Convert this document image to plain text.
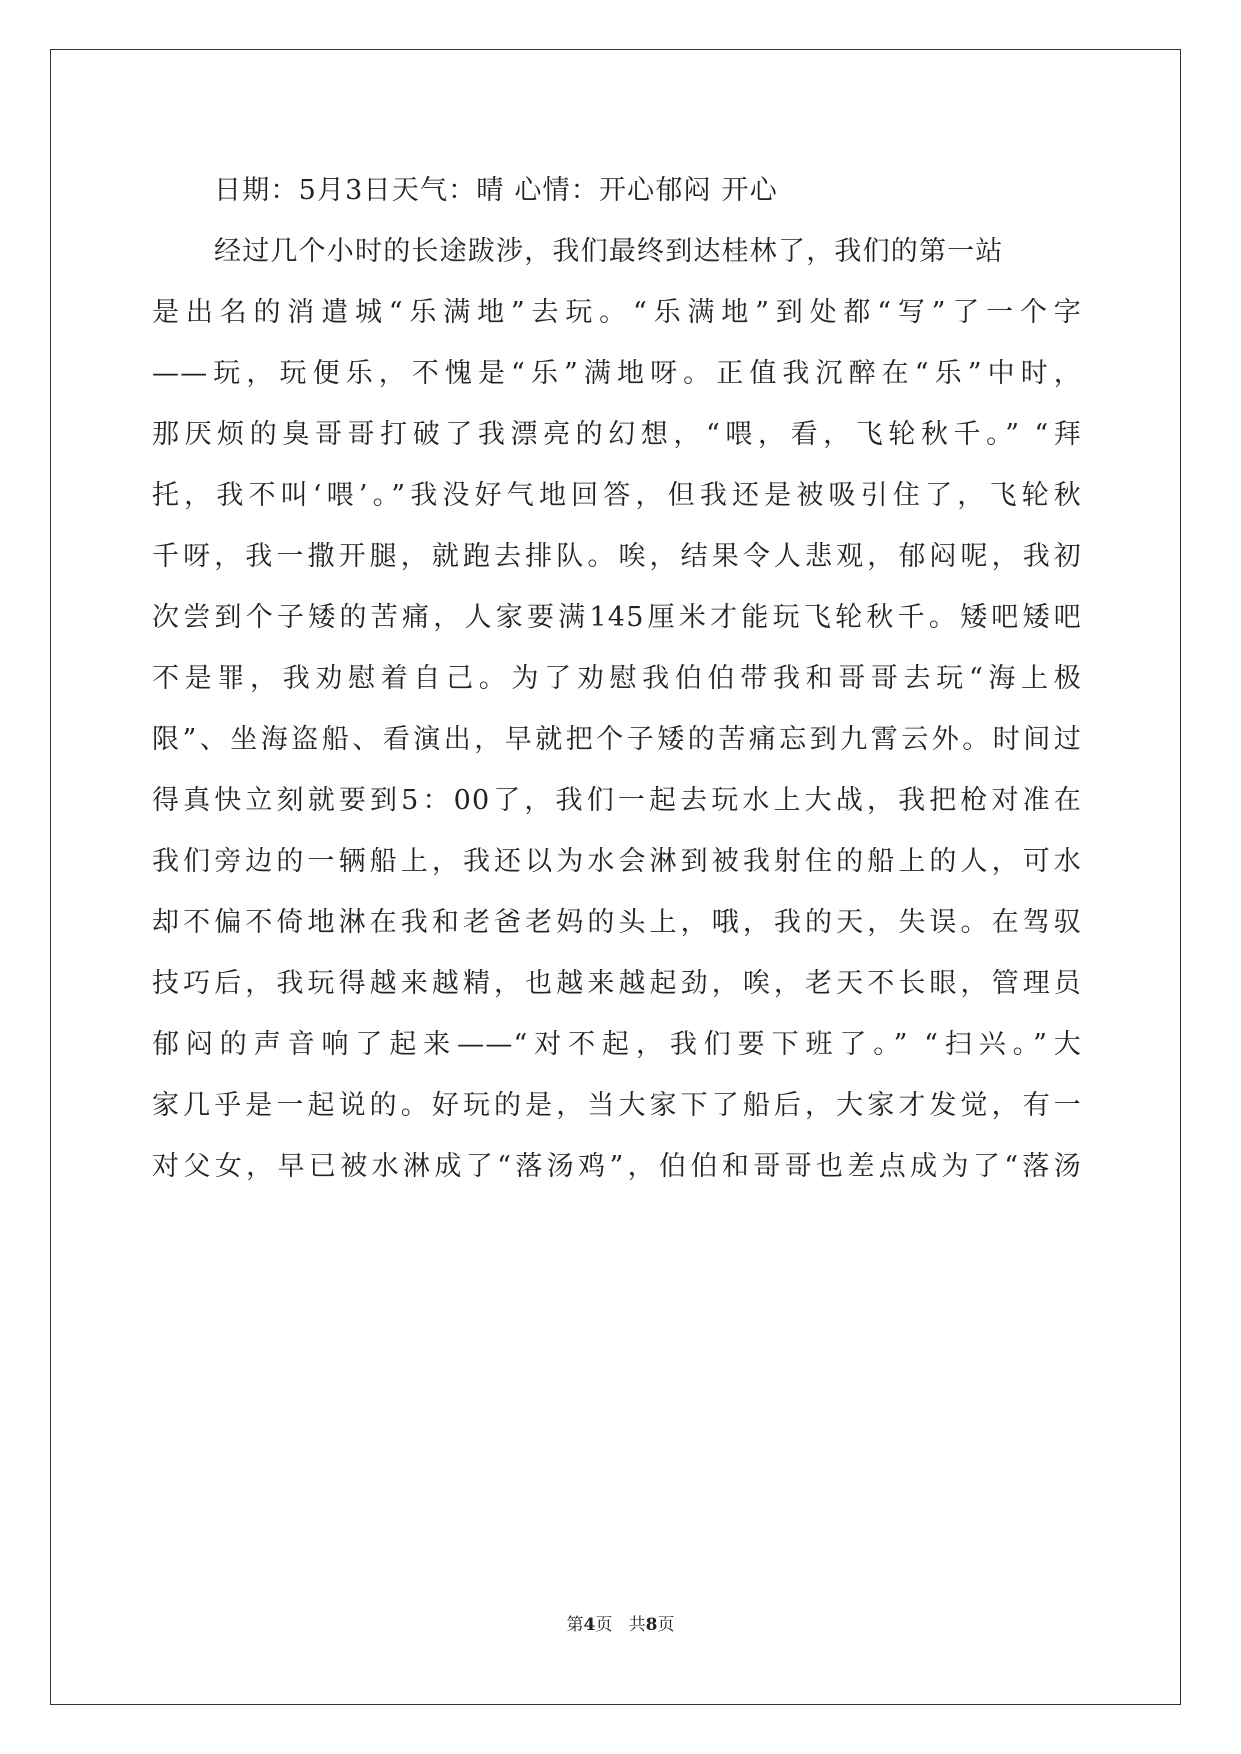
日期：5月3日天气：晴 心情：开心郁闷 开心
经过几个小时的长途跋涉，我们最终到达桂林了，我们的第一站
是出名的消遣城“乐满地”去玩。“乐满地”到处都“写”了一个字
——玩，玩便乐，不愧是“乐”满地呀。正值我沉醉在“乐”中时，
那厌烦的臭哥哥打破了我漂亮的幻想，“喂，看，飞轮秋千。” “拜
托，我不叫‘喂’。”我没好气地回答，但我还是被吸引住了，飞轮秋
千呀，我一撒开腿，就跑去排队。唉，结果令人悲观，郁闷呢，我初
次尝到个子矮的苦痛，人家要满145厘米才能玩飞轮秋千。矮吧矮吧
不是罪，我劝慰着自己。为了劝慰我伯伯带我和哥哥去玩“海上极
限”、坐海盗船、看演出，早就把个子矮的苦痛忘到九霄云外。时间过
得真快立刻就要到5：00了，我们一起去玩水上大战，我把枪对准在
我们旁边的一辆船上，我还以为水会淋到被我射住的船上的人，可水
却不偏不倚地淋在我和老爸老妈的头上，哦，我的天，失误。在驾驭
技巧后，我玩得越来越精，也越来越起劲，唉，老天不长眼，管理员
郁闷的声音响了起来——“对不起，我们要下班了。” “扫兴。”大
家几乎是一起说的。好玩的是，当大家下了船后，大家才发觉，有一
对父女，早已被水淋成了“落汤鸡”，伯伯和哥哥也差点成为了“落汤
第4页 共8页
